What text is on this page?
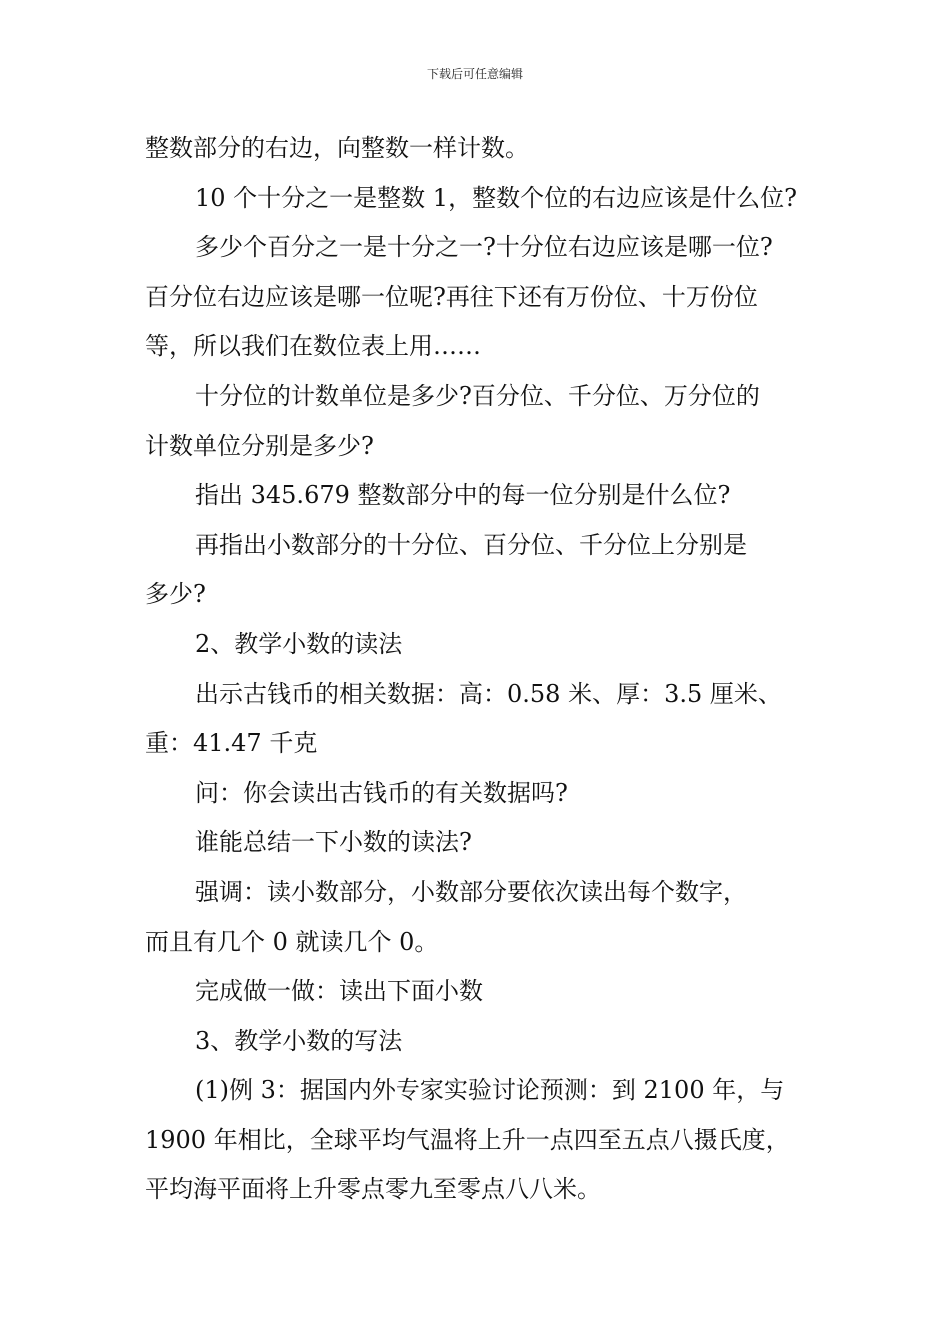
下载后可任意编辑
整数部分的右边，向整数一样计数。
10 个十分之一是整数 1，整数个位的右边应该是什么位?
多少个百分之一是十分之一?十分位右边应该是哪一位?
百分位右边应该是哪一位呢?再往下还有万份位、十万份位
等，所以我们在数位表上用……
十分位的计数单位是多少?百分位、千分位、万分位的
计数单位分别是多少?
指出 345.679 整数部分中的每一位分别是什么位?
再指出小数部分的十分位、百分位、千分位上分别是
多少?
2、教学小数的读法
出示古钱币的相关数据：高：0.58 米、厚：3.5 厘米、
重：41.47 千克
问：你会读出古钱币的有关数据吗?
谁能总结一下小数的读法?
强调：读小数部分，小数部分要依次读出每个数字，
而且有几个 0 就读几个 0。
完成做一做：读出下面小数
3、教学小数的写法
(1)例 3：据国内外专家实验讨论预测：到 2100 年，与
1900 年相比，全球平均气温将上升一点四至五点八摄氏度，
平均海平面将上升零点零九至零点八八米。
